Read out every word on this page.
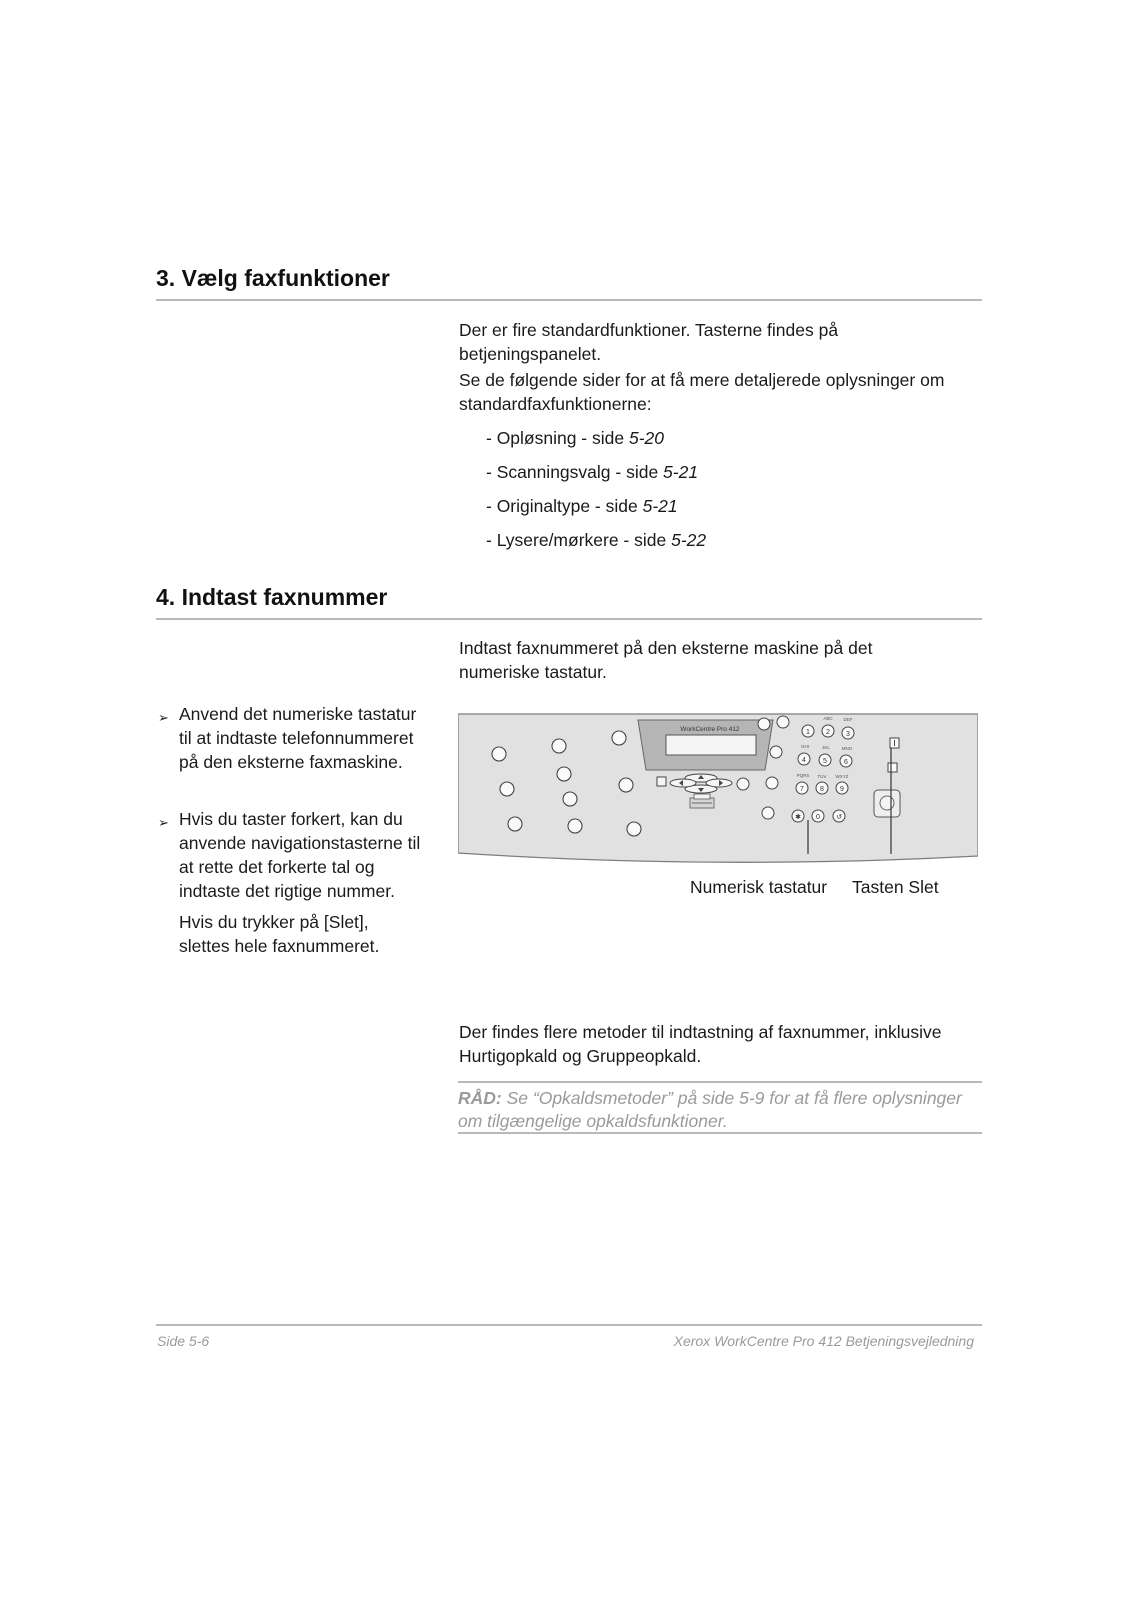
3. Vælg faxfunktioner
Der er fire standardfunktioner. Tasterne findes på betjeningspanelet.
Se de følgende sider for at få mere detaljerede oplysninger om standardfaxfunktionerne:
- Opløsning - side 5-20
- Scanningsvalg - side 5-21
- Originaltype - side 5-21
- Lysere/mørkere - side 5-22
4. Indtast faxnummer
Indtast faxnummeret på den eksterne maskine på det numeriske tastatur.
➢ Anvend det numeriske tastatur til at indtaste telefonnummeret på den eksterne faxmaskine.
➢ Hvis du taster forkert, kan du anvende navigationstasterne til at rette det forkerte tal og indtaste det rigtige nummer.
Hvis du trykker på [Slet], slettes hele faxnummeret.
WorkCentre Pro 412
ABC DEF
GHI	JKL	MNO
PQRS TUV WXYZ
1 2 3
4 5 6
7 8 9
0
✱	↺
Numerisk tastatur Tasten Slet
Der findes flere metoder til indtastning af faxnummer, inklusive Hurtigopkald og Gruppeopkald.
RÅD: Se “Opkaldsmetoder” på side 5-9 for at få flere oplysninger om tilgængelige opkaldsfunktioner.
Side 5-6	Xerox WorkCentre Pro 412 Betjeningsvejledning
